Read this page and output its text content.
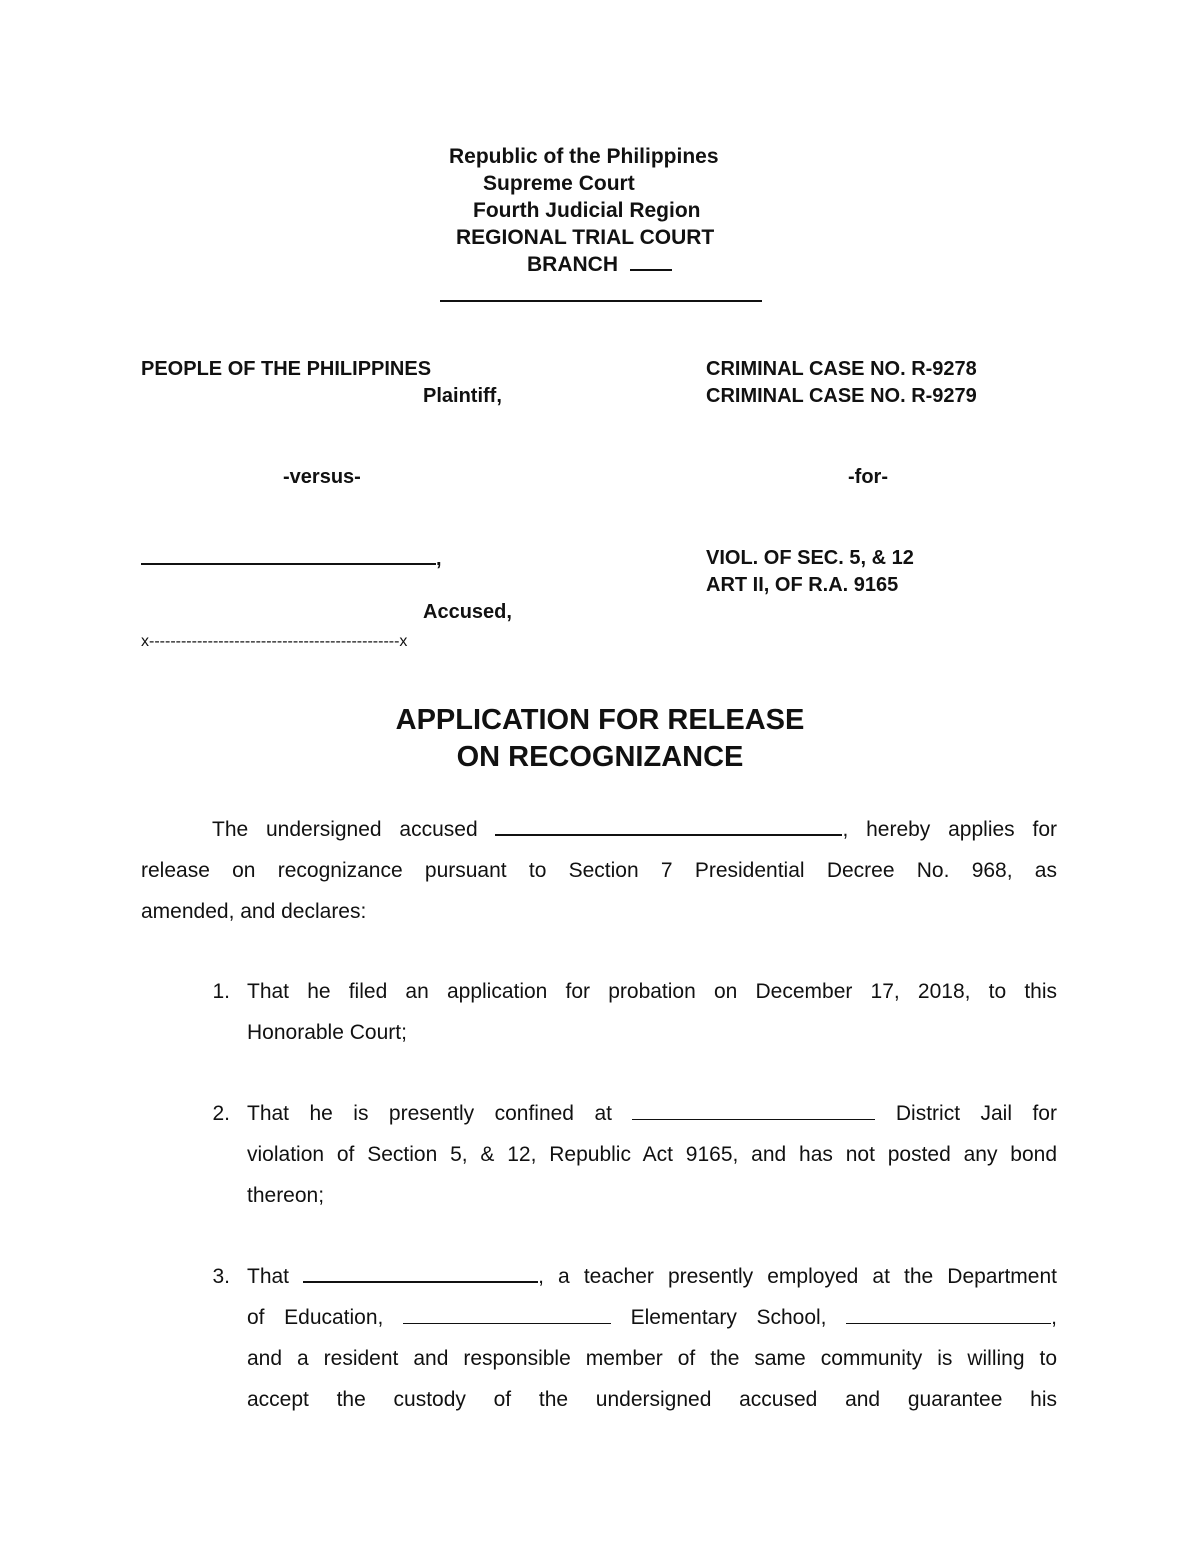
Republic of the Philippines
Supreme Court
Fourth Judicial Region
REGIONAL TRIAL COURT
BRANCH
PEOPLE OF THE PHILIPPINES
Plaintiff,
-versus-
,
Accused,
x-----------------------------------------------x
CRIMINAL CASE NO. R-9278
CRIMINAL CASE NO. R-9279
-for-
VIOL. OF SEC. 5, & 12
ART II, OF R.A. 9165
APPLICATION FOR RELEASE
ON RECOGNIZANCE
The undersigned accused	, hereby applies for
release on recognizance pursuant to Section 7 Presidential Decree No. 968, as
amended, and declares:
1. That he filed an application for probation on December 17, 2018, to this
Honorable Court;
2. That he is presently confined at	District Jail for
violation of Section 5, & 12, Republic Act 9165, and has not posted any bond
thereon;
3. That	, a teacher presently employed at the Department
of Education,	Elementary School,	,
and a resident and responsible member of the same community is willing to
accept the custody of the undersigned accused and guarantee his
